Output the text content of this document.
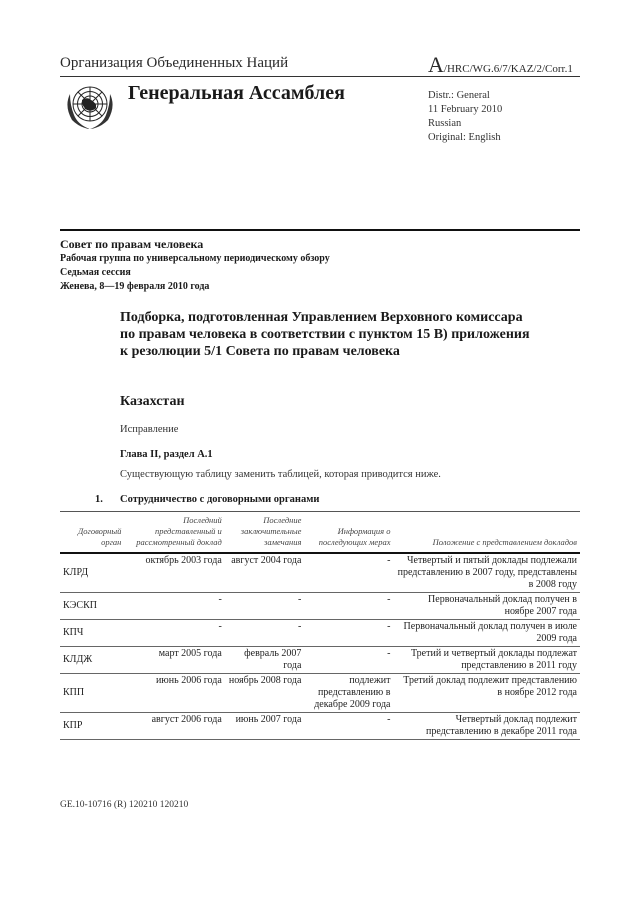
Организация Объединенных Наций	A/HRC/WG.6/7/KAZ/2/Corr.1
Генеральная Ассамблея	Distr.: General
11 February 2010
Russian
Original: English
Совет по правам человека
Рабочая группа по универсальному периодическому обзору
Седьмая сессия
Женева, 8—19 февраля 2010 года
Подборка, подготовленная Управлением Верховного комиссара по правам человека в соответствии с пунктом 15 В) приложения к резолюции 5/1 Совета по правам человека
Казахстан
Исправление
Глава II, раздел А.1
Существующую таблицу заменить таблицей, которая приводится ниже.
1. Сотрудничество с договорными органами
Договорный орган	Последний представленный и рассмотренный доклад	Последние заключительные замечания	Информация о последующих мерах	Положение с представлением докладов
КЛРД	октябрь 2003 года	август 2004 года	-	Четвертый и пятый доклады подлежали представлению в 2007 году, представлены в 2008 году
КЭСКП	-	-	-	Первоначальный доклад получен в ноябре 2007 года
КПЧ	-	-	-	Первоначальный доклад получен в июле 2009 года
КЛДЖ	март 2005 года	февраль 2007 года	-	Третий и четвертый доклады подлежат представлению в 2011 году
КПП	июнь 2006 года	ноябрь 2008 года	подлежит представлению в декабре 2009 года	Третий доклад подлежит представлению в ноябре 2012 года
КПР	август 2006 года	июнь 2007 года	-	Четвертый доклад подлежит представлению в декабре 2011 года
GE.10-10716 (R) 120210 120210
